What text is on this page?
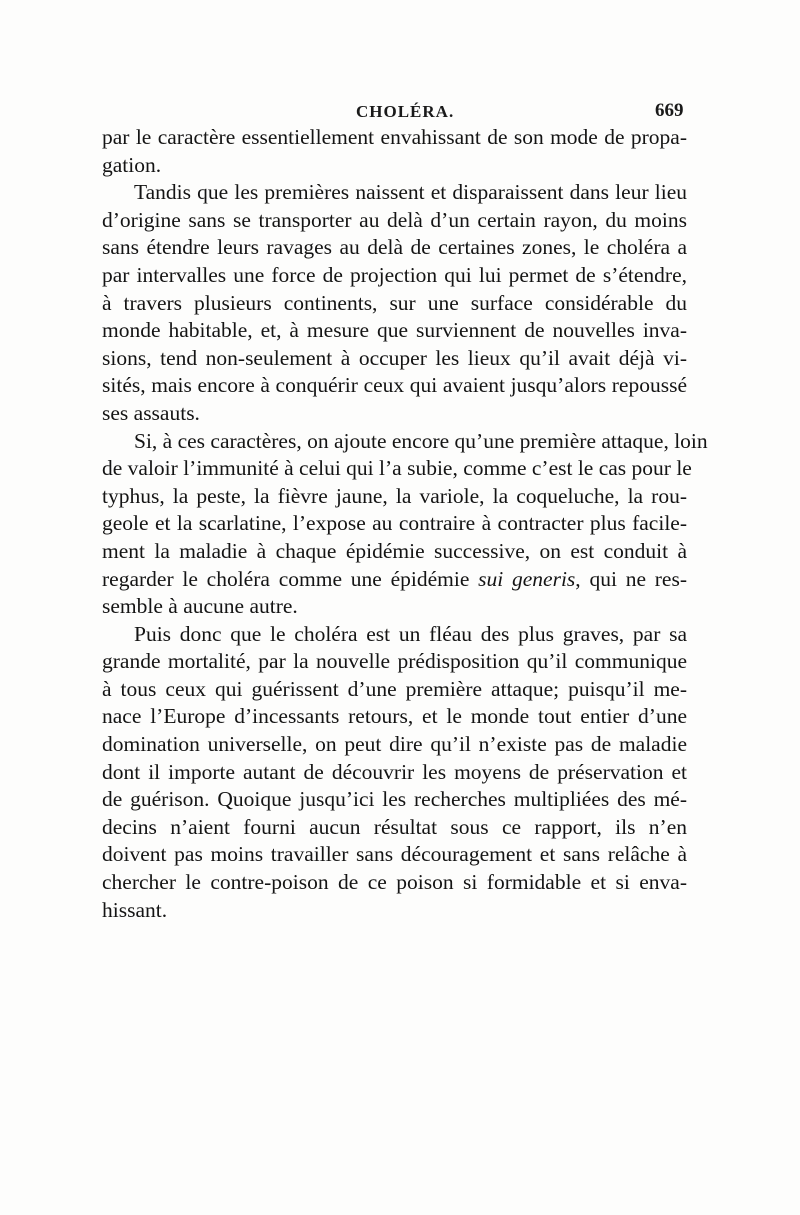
CHOLÉRA.	669
par le caractère essentiellement envahissant de son mode de propa-
gation.
Tandis que les premières naissent et disparaissent dans leur lieu
d’origine sans se transporter au delà d’un certain rayon, du moins
sans étendre leurs ravages au delà de certaines zones, le choléra a
par intervalles une force de projection qui lui permet de s’étendre,
à travers plusieurs continents, sur une surface considérable du
monde habitable, et, à mesure que surviennent de nouvelles inva-
sions, tend non-seulement à occuper les lieux qu’il avait déjà vi-
sités, mais encore à conquérir ceux qui avaient jusqu’alors repoussé
ses assauts.
Si, à ces caractères, on ajoute encore qu’une première attaque, loin
de valoir l’immunité à celui qui l’a subie, comme c’est le cas pour le
typhus, la peste, la fièvre jaune, la variole, la coqueluche, la rou-
geole et la scarlatine, l’expose au contraire à contracter plus facile-
ment la maladie à chaque épidémie successive, on est conduit à
regarder le choléra comme une épidémie sui generis, qui ne res-
semble à aucune autre.
Puis donc que le choléra est un fléau des plus graves, par sa
grande mortalité, par la nouvelle prédisposition qu’il communique
à tous ceux qui guérissent d’une première attaque; puisqu’il me-
nace l’Europe d’incessants retours, et le monde tout entier d’une
domination universelle, on peut dire qu’il n’existe pas de maladie
dont il importe autant de découvrir les moyens de préservation et
de guérison. Quoique jusqu’ici les recherches multipliées des mé-
decins n’aient fourni aucun résultat sous ce rapport, ils n’en
doivent pas moins travailler sans découragement et sans relâche à
chercher le contre-poison de ce poison si formidable et si enva-
hissant.
